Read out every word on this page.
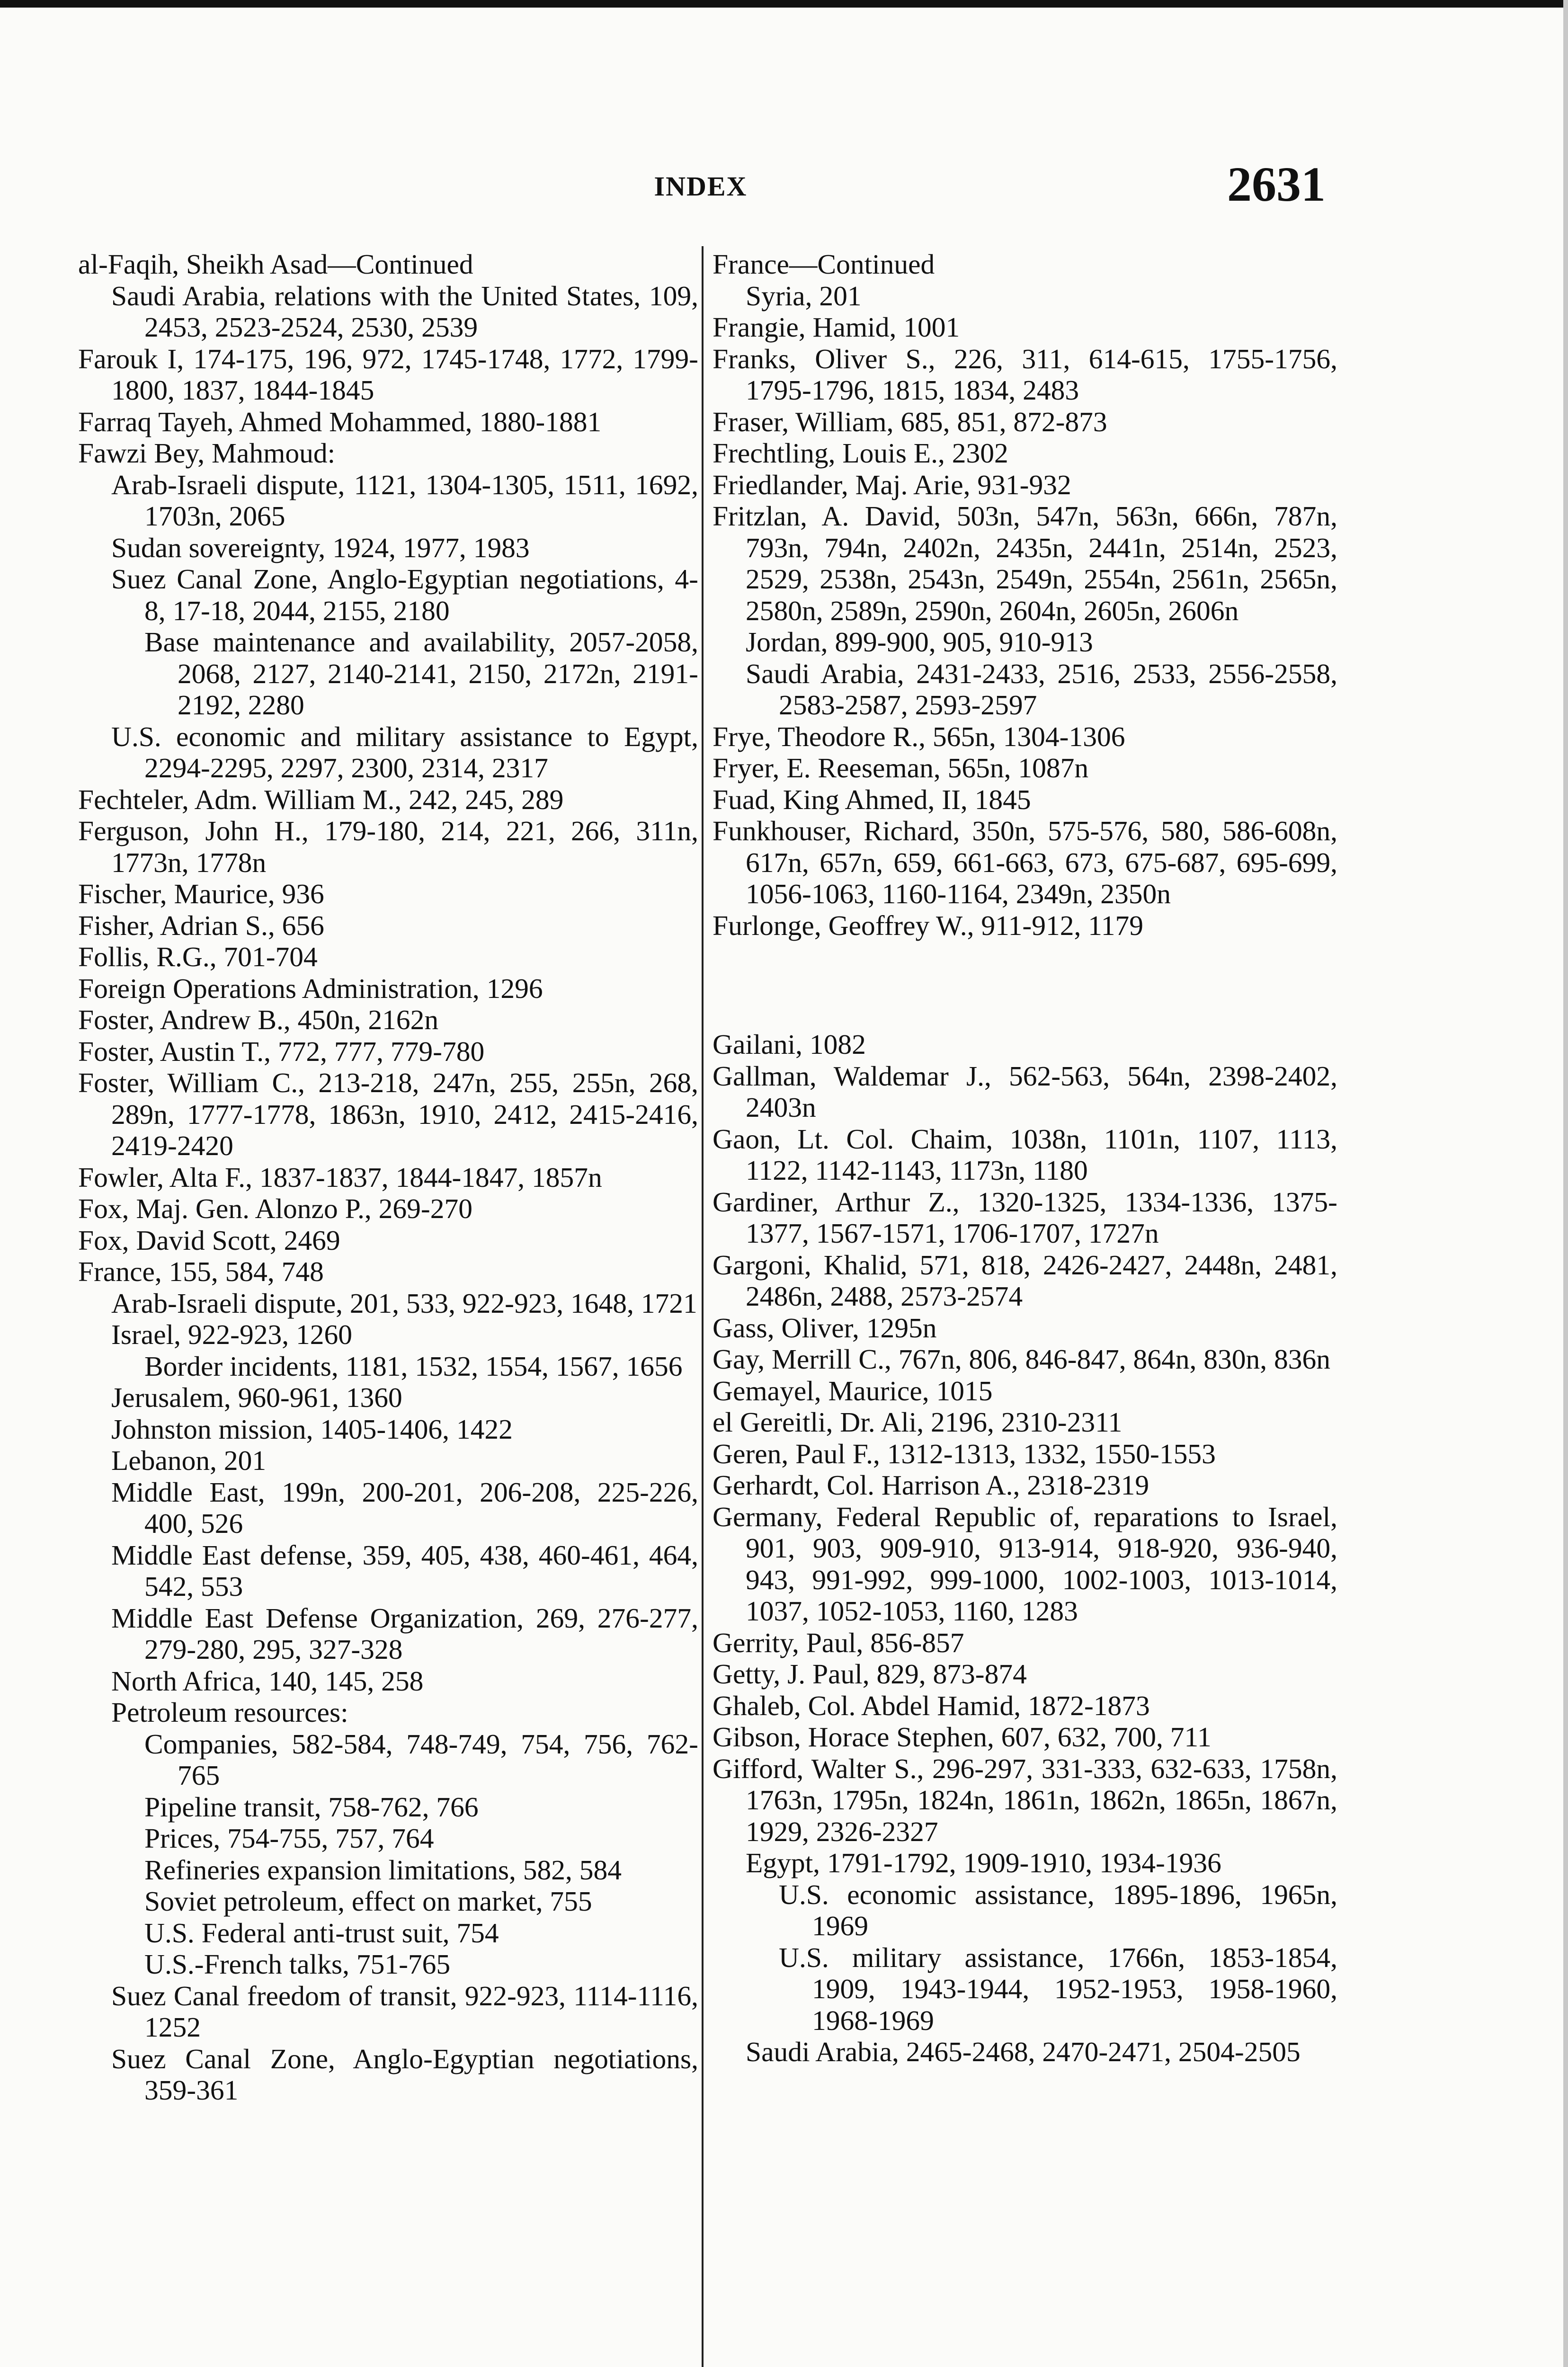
INDEX	2631

al-Faqih, Sheikh Asad—Continued

Saudi Arabia, relations with the United States, 109, 2453, 2523-2524, 2530, 2539

Farouk I, 174-175, 196, 972, 1745-1748, 1772, 1799-1800, 1837, 1844-1845

Farraq Tayeh, Ahmed Mohammed, 1880-1881

Fawzi Bey, Mahmoud:

Arab-Israeli dispute, 1121, 1304-1305, 1511, 1692, 1703n, 2065

Sudan sovereignty, 1924, 1977, 1983

Suez Canal Zone, Anglo-Egyptian negotiations, 4-8, 17-18, 2044, 2155, 2180

Base maintenance and availability, 2057-2058, 2068, 2127, 2140-2141, 2150, 2172n, 2191-2192, 2280

U.S. economic and military assistance to Egypt, 2294-2295, 2297, 2300, 2314, 2317

Fechteler, Adm. William M., 242, 245, 289

Ferguson, John H., 179-180, 214, 221, 266, 311n, 1773n, 1778n

Fischer, Maurice, 936

Fisher, Adrian S., 656

Follis, R.G., 701-704

Foreign Operations Administration, 1296

Foster, Andrew B., 450n, 2162n

Foster, Austin T., 772, 777, 779-780

Foster, William C., 213-218, 247n, 255, 255n, 268, 289n, 1777-1778, 1863n, 1910, 2412, 2415-2416, 2419-2420

Fowler, Alta F., 1837-1837, 1844-1847, 1857n

Fox, Maj. Gen. Alonzo P., 269-270

Fox, David Scott, 2469

France, 155, 584, 748

Arab-Israeli dispute, 201, 533, 922-923, 1648, 1721

Israel, 922-923, 1260

Border incidents, 1181, 1532, 1554, 1567, 1656

Jerusalem, 960-961, 1360

Johnston mission, 1405-1406, 1422

Lebanon, 201

Middle East, 199n, 200-201, 206-208, 225-226, 400, 526

Middle East defense, 359, 405, 438, 460-461, 464, 542, 553

Middle East Defense Organization, 269, 276-277, 279-280, 295, 327-328

North Africa, 140, 145, 258

Petroleum resources:

Companies, 582-584, 748-749, 754, 756, 762-765

Pipeline transit, 758-762, 766

Prices, 754-755, 757, 764

Refineries expansion limitations, 582, 584

Soviet petroleum, effect on market, 755

U.S. Federal anti-trust suit, 754

U.S.-French talks, 751-765

Suez Canal freedom of transit, 922-923, 1114-1116, 1252

Suez Canal Zone, Anglo-Egyptian negotiations, 359-361

France—Continued

Syria, 201

Frangie, Hamid, 1001

Franks, Oliver S., 226, 311, 614-615, 1755-1756, 1795-1796, 1815, 1834, 2483

Fraser, William, 685, 851, 872-873

Frechtling, Louis E., 2302

Friedlander, Maj. Arie, 931-932

Fritzlan, A. David, 503n, 547n, 563n, 666n, 787n, 793n, 794n, 2402n, 2435n, 2441n, 2514n, 2523, 2529, 2538n, 2543n, 2549n, 2554n, 2561n, 2565n, 2580n, 2589n, 2590n, 2604n, 2605n, 2606n

Jordan, 899-900, 905, 910-913

Saudi Arabia, 2431-2433, 2516, 2533, 2556-2558, 2583-2587, 2593-2597

Frye, Theodore R., 565n, 1304-1306

Fryer, E. Reeseman, 565n, 1087n

Fuad, King Ahmed, II, 1845

Funkhouser, Richard, 350n, 575-576, 580, 586-608n, 617n, 657n, 659, 661-663, 673, 675-687, 695-699, 1056-1063, 1160-1164, 2349n, 2350n

Furlonge, Geoffrey W., 911-912, 1179

Gailani, 1082

Gallman, Waldemar J., 562-563, 564n, 2398-2402, 2403n

Gaon, Lt. Col. Chaim, 1038n, 1101n, 1107, 1113, 1122, 1142-1143, 1173n, 1180

Gardiner, Arthur Z., 1320-1325, 1334-1336, 1375-1377, 1567-1571, 1706-1707, 1727n

Gargoni, Khalid, 571, 818, 2426-2427, 2448n, 2481, 2486n, 2488, 2573-2574

Gass, Oliver, 1295n

Gay, Merrill C., 767n, 806, 846-847, 864n, 830n, 836n

Gemayel, Maurice, 1015

el Gereitli, Dr. Ali, 2196, 2310-2311

Geren, Paul F., 1312-1313, 1332, 1550-1553

Gerhardt, Col. Harrison A., 2318-2319

Germany, Federal Republic of, reparations to Israel, 901, 903, 909-910, 913-914, 918-920, 936-940, 943, 991-992, 999-1000, 1002-1003, 1013-1014, 1037, 1052-1053, 1160, 1283

Gerrity, Paul, 856-857

Getty, J. Paul, 829, 873-874

Ghaleb, Col. Abdel Hamid, 1872-1873

Gibson, Horace Stephen, 607, 632, 700, 711

Gifford, Walter S., 296-297, 331-333, 632-633, 1758n, 1763n, 1795n, 1824n, 1861n, 1862n, 1865n, 1867n, 1929, 2326-2327

Egypt, 1791-1792, 1909-1910, 1934-1936

U.S. economic assistance, 1895-1896, 1965n, 1969

U.S. military assistance, 1766n, 1853-1854, 1909, 1943-1944, 1952-1953, 1958-1960, 1968-1969

Saudi Arabia, 2465-2468, 2470-2471, 2504-2505
